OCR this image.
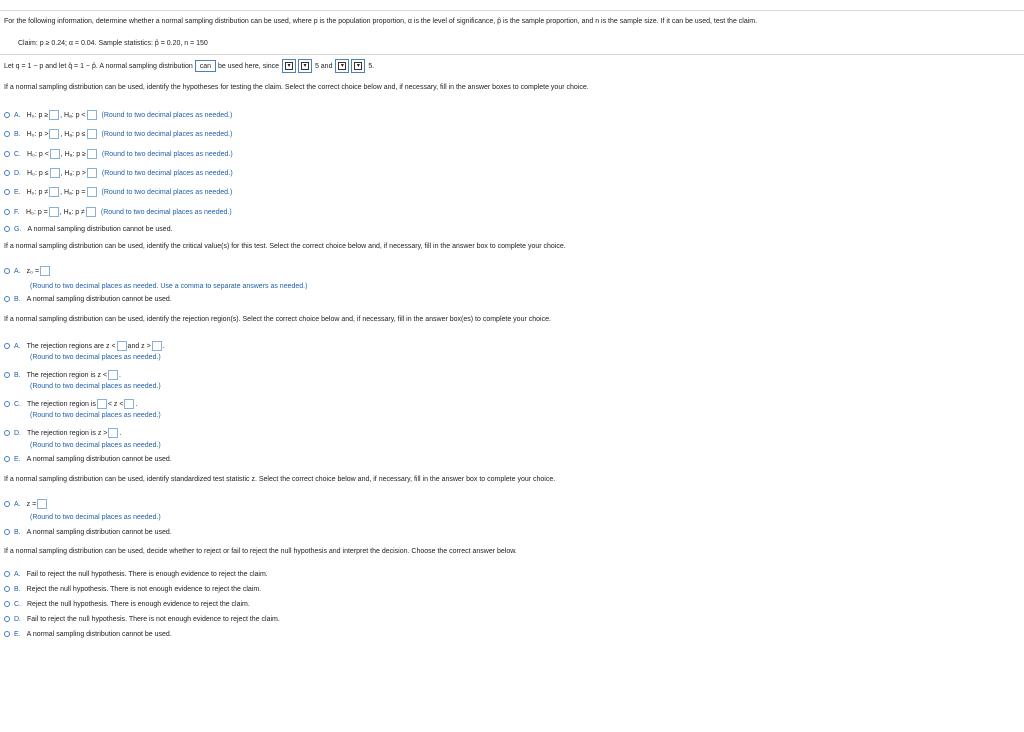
For the following information, determine whether a normal sampling distribution can be used, where p is the population proportion, α is the level of significance, p̂ is the sample proportion, and n is the sample size. If it can be used, test the claim.
Claim: p ≥ 0.24; α = 0.04. Sample statistics: p̂ = 0.20, n = 150
Let q = 1 − p and let q̂ = 1 − p̂. A normal sampling distribution can be used here, since	▾	▾	5 and	▾	▾	5.
If a normal sampling distribution can be used, identify the hypotheses for testing the claim. Select the correct choice below and, if necessary, fill in the answer boxes to complete your choice.
A. H₀: p ≥ , Hₐ: p < (Round to two decimal places as needed.)
B. H₀: p > , Hₐ: p ≤ (Round to two decimal places as needed.)
C. H₀: p < , Hₐ: p ≥ (Round to two decimal places as needed.)
D. H₀: p ≤ , Hₐ: p > (Round to two decimal places as needed.)
E. H₀: p ≠ , Hₐ: p = (Round to two decimal places as needed.)
F. H₀: p = , Hₐ: p ≠ (Round to two decimal places as needed.)
G. A normal sampling distribution cannot be used.
If a normal sampling distribution can be used, identify the critical value(s) for this test. Select the correct choice below and, if necessary, fill in the answer box to complete your choice.
A. z₀ =
(Round to two decimal places as needed. Use a comma to separate answers as needed.)
B. A normal sampling distribution cannot be used.
If a normal sampling distribution can be used, identify the rejection region(s). Select the correct choice below and, if necessary, fill in the answer box(es) to complete your choice.
A. The rejection regions are z < and z > .
(Round to two decimal places as needed.)
B. The rejection region is z < .
(Round to two decimal places as needed.)
C. The rejection region is < z < .
(Round to two decimal places as needed.)
D. The rejection region is z > .
(Round to two decimal places as needed.)
E. A normal sampling distribution cannot be used.
If a normal sampling distribution can be used, identify standardized test statistic z. Select the correct choice below and, if necessary, fill in the answer box to complete your choice.
A. z =
(Round to two decimal places as needed.)
B. A normal sampling distribution cannot be used.
If a normal sampling distribution can be used, decide whether to reject or fail to reject the null hypothesis and interpret the decision. Choose the correct answer below.
A. Fail to reject the null hypothesis. There is enough evidence to reject the claim.
B. Reject the null hypothesis. There is not enough evidence to reject the claim.
C. Reject the null hypothesis. There is enough evidence to reject the claim.
D. Fail to reject the null hypothesis. There is not enough evidence to reject the claim.
E. A normal sampling distribution cannot be used.
